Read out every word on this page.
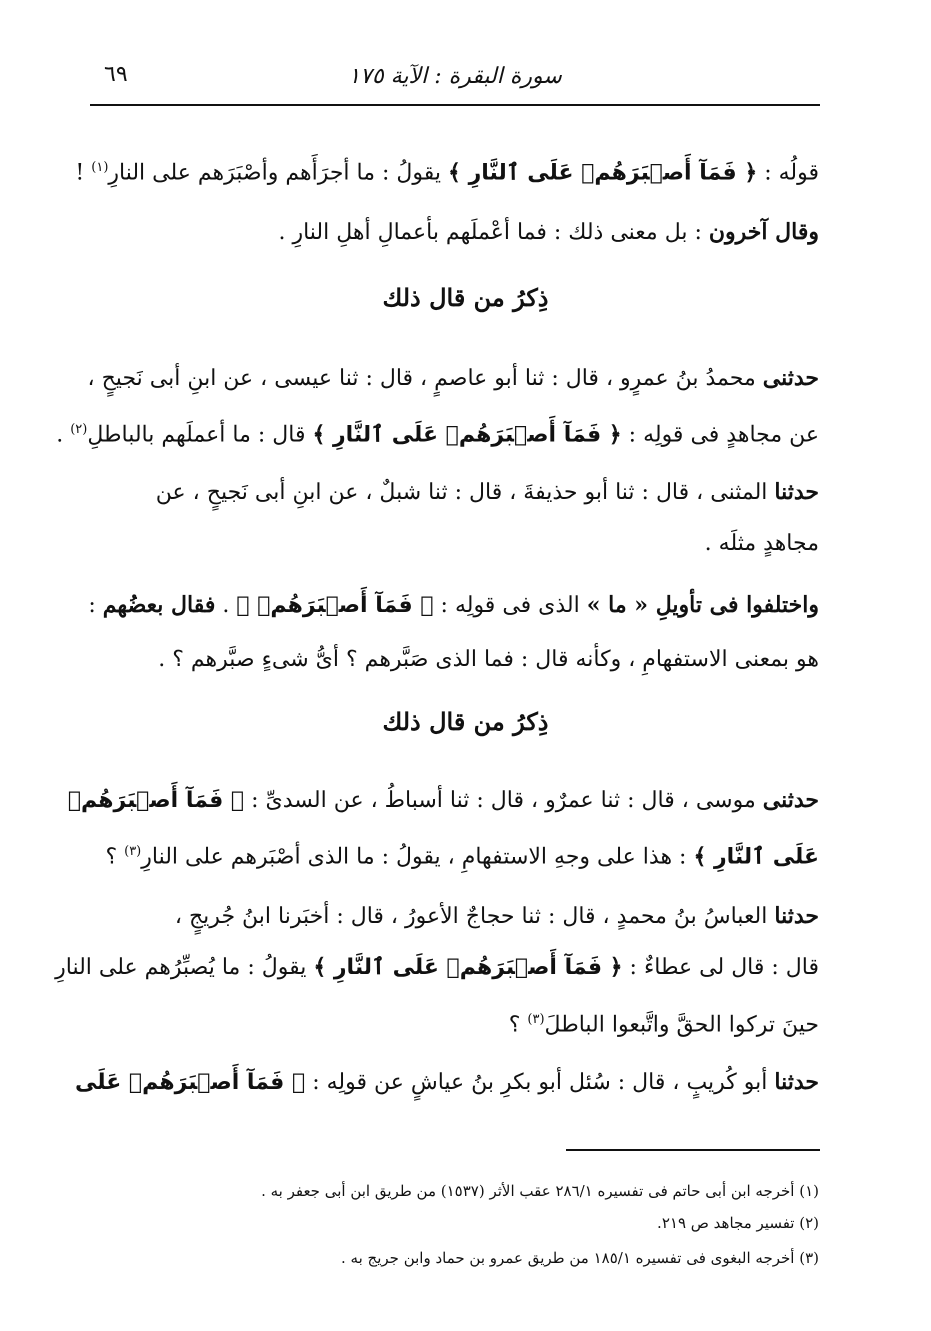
سورة البقرة : الآية ١٧٥
٦٩
قولُه : ﴿ فَمَآ أَصۡبَرَهُمۡ عَلَى ٱلنَّارِ ﴾ يقولُ : ما أجرَأَهم وأصْبَرَهم على النارِ$^{(١)}$ !
وقال آخرون : بل معنى ذلك : فما أعْملَهم بأعمالِ أهلِ النارِ .
ذِكرُ من قال ذلك
حدثنى محمدُ بنُ عمرٍو ، قال : ثنا أبو عاصمٍ ، قال : ثنا عيسى ، عن ابنِ أبى نَجيحٍ ،
عن مجاهدٍ فى قولِه : ﴿ فَمَآ أَصۡبَرَهُمۡ عَلَى ٱلنَّارِ ﴾ قال : ما أعملَهم بالباطلِ$^{(٢)}$ .
حدثنا المثنى ، قال : ثنا أبو حذيفةَ ، قال : ثنا شبلٌ ، عن ابنِ أبى نَجيحٍ ، عن
مجاهدٍ مثلَه .
واختلفوا فى تأويلِ « ما » الذى فى قولِه : ﴿ فَمَآ أَصۡبَرَهُمۡ ﴾ . فقال بعضُهم :
هو بمعنى الاستفهامِ ، وكأنه قال : فما الذى صَبَّرهم ؟ أىُّ شىءٍ صبَّرهم ؟ .
ذِكرُ من قال ذلك
حدثنى موسى ، قال : ثنا عمرٌو ، قال : ثنا أسباطُ ، عن السدىِّ : ﴿ فَمَآ أَصۡبَرَهُمۡ
عَلَى ٱلنَّارِ ﴾ : هذا على وجهِ الاستفهامِ ، يقولُ : ما الذى أصْبَرهم على النارِ$^{(٣)}$ ؟
حدثنا العباسُ بنُ محمدٍ ، قال : ثنا حجاجٌ الأعورُ ، قال : أخبَرنا ابنُ جُريجٍ ،
قال : قال لى عطاءٌ : ﴿ فَمَآ أَصۡبَرَهُمۡ عَلَى ٱلنَّارِ ﴾ يقولُ : ما يُصبِّرُهم على النارِ
حينَ تركوا الحقَّ واتَّبعوا الباطلَ$^{(٣)}$ ؟
حدثنا أبو كُريبٍ ، قال : سُئل أبو بكرِ بنُ عياشٍ عن قولِه : ﴿ فَمَآ أَصۡبَرَهُمۡ عَلَى
(١) أخرجه ابن أبى حاتم فى تفسيره ٢٨٦/١ عقب الأثر (١٥٣٧) من طريق ابن أبى جعفر به .
(٢) تفسير مجاهد ص ٢١٩.
(٣) أخرجه البغوى فى تفسيره ١٨٥/١ من طريق عمرو بن حماد وابن جريج به .
